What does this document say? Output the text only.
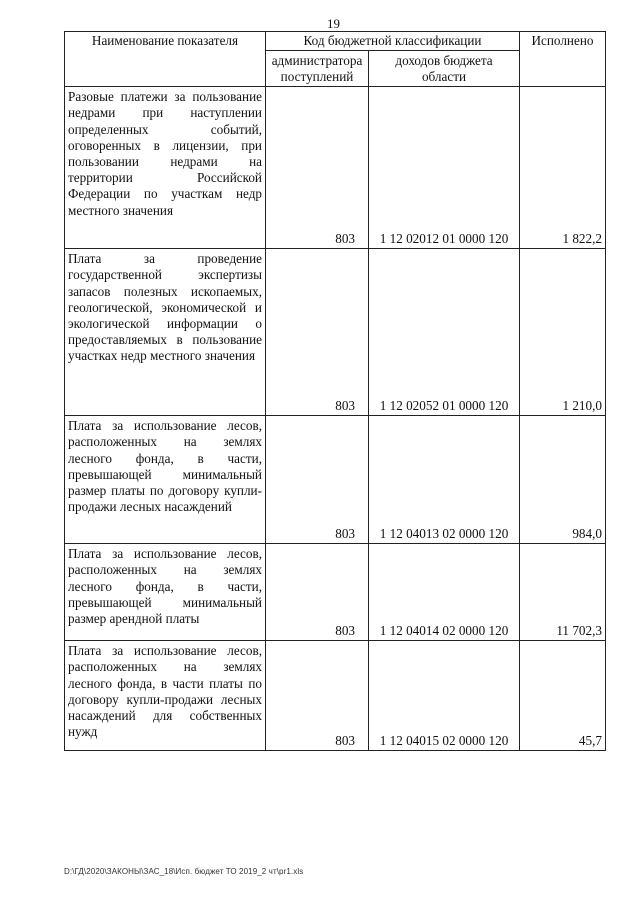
19
Наименование показателя	Код бюджетной классификации		Исполнено
	администратора поступлений	доходов бюджета области	
Разовые платежи за пользование недрами при наступлении определенных событий, оговоренных в лицензии, при пользовании недрами на территории Российской Федерации по участкам недр местного значения	803	1 12 02012 01 0000 120	1 822,2
Плата за проведение государственной экспертизы запасов полезных ископаемых, геологической, экономической и экологической информации о предоставляемых в пользование участках недр местного значения	803	1 12 02052 01 0000 120	1 210,0
Плата за использование лесов, расположенных на землях лесного фонда, в части, превышающей минимальный размер платы по договору купли-продажи лесных насаждений	803	1 12 04013 02 0000 120	984,0
Плата за использование лесов, расположенных на землях лесного фонда, в части, превышающей минимальный размер арендной платы	803	1 12 04014 02 0000 120	11 702,3
Плата за использование лесов, расположенных на землях лесного фонда, в части платы по договору купли-продажи лесных насаждений для собственных нужд	803	1 12 04015 02 0000 120	45,7
D:\ГД\2020\ЗАКОНЫ\ЗАС_18\Исп. бюджет ТО 2019_2 чт\pr1.xls
